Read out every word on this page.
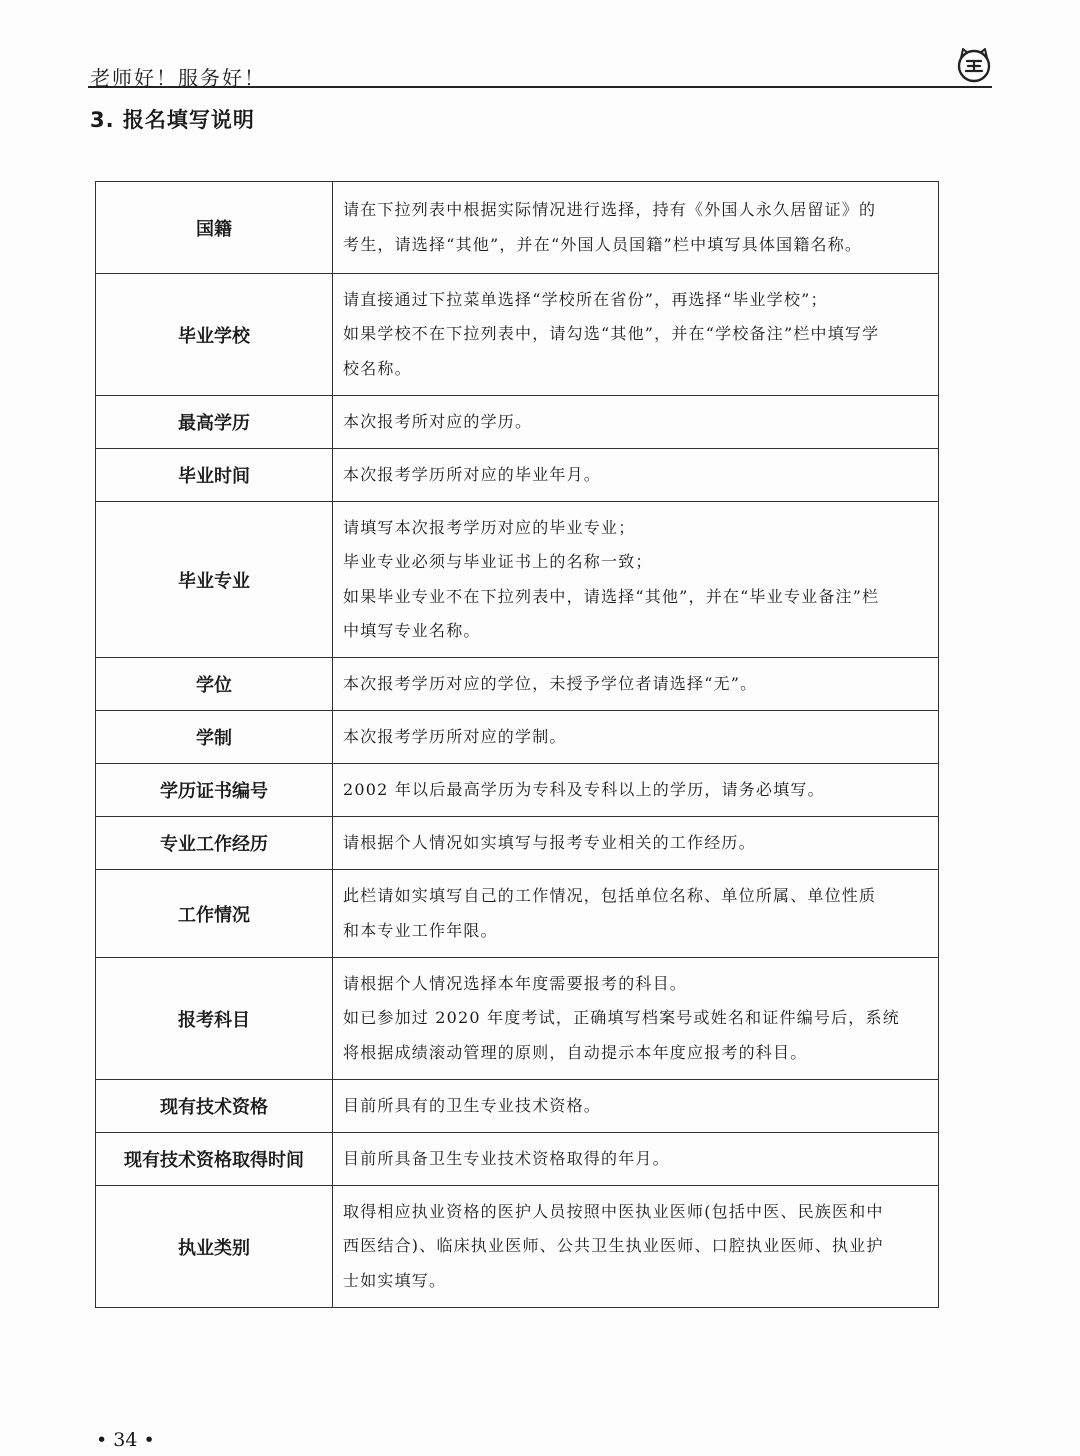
老师好！服务好！
3. 报名填写说明
国籍	请在下拉列表中根据实际情况进行选择，持有《外国人永久居留证》的
考生，请选择“其他”，并在“外国人员国籍”栏中填写具体国籍名称。

毕业学校	请直接通过下拉菜单选择“学校所在省份”，再选择“毕业学校”；
如果学校不在下拉列表中，请勾选“其他”，并在“学校备注”栏中填写学
校名称。

最高学历	本次报考所对应的学历。

毕业时间	本次报考学历所对应的毕业年月。

毕业专业	请填写本次报考学历对应的毕业专业；
毕业专业必须与毕业证书上的名称一致；
如果毕业专业不在下拉列表中，请选择“其他”，并在“毕业专业备注”栏
中填写专业名称。

学位	本次报考学历对应的学位，未授予学位者请选择“无”。

学制	本次报考学历所对应的学制。

学历证书编号	2002 年以后最高学历为专科及专科以上的学历，请务必填写。

专业工作经历	请根据个人情况如实填写与报考专业相关的工作经历。

工作情况	此栏请如实填写自己的工作情况，包括单位名称、单位所属、单位性质
和本专业工作年限。

报考科目	请根据个人情况选择本年度需要报考的科目。
如已参加过 2020 年度考试，正确填写档案号或姓名和证件编号后，系统
将根据成绩滚动管理的原则，自动提示本年度应报考的科目。

现有技术资格	目前所具有的卫生专业技术资格。

现有技术资格取得时间	目前所具备卫生专业技术资格取得的年月。

执业类别	取得相应执业资格的医护人员按照中医执业医师(包括中医、民族医和中
西医结合)、临床执业医师、公共卫生执业医师、口腔执业医师、执业护
士如实填写。
• 34 •
